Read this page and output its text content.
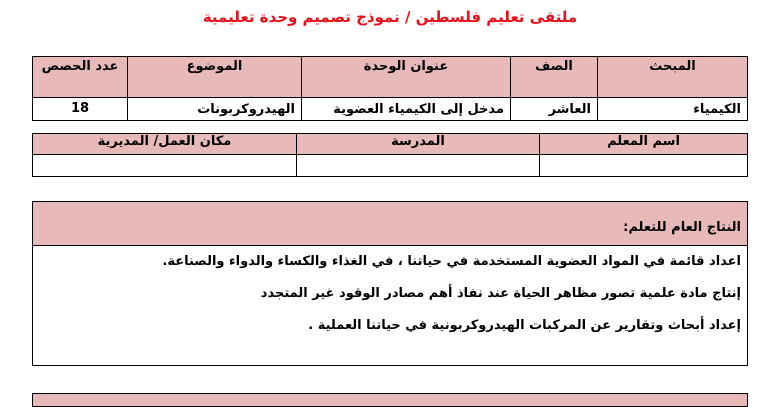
ملتقى تعليم فلسطين / نموذج تصميم وحدة تعليمية
المبحث	الصف	عنوان الوحدة	الموضوع	عدد الحصص
الكيمياء	العاشر	مدخل إلى الكيمياء العضوية	الهيدروكربونات	18
اسم المعلم	المدرسة	مكان العمل/ المديرية

النتاج العام للتعلم:
اعداد قائمة في المواد العضوية المستخدمة في حياتنا ، في الغذاء والكساء والدواء والصناعة.
إنتاج مادة علمية تصور مظاهر الحياة عند نفاذ أهم مصادر الوقود غير المتجدد
إعداد أبحاث وتقارير عن المركبات الهيدروكربونية في حياتنا العملية .
